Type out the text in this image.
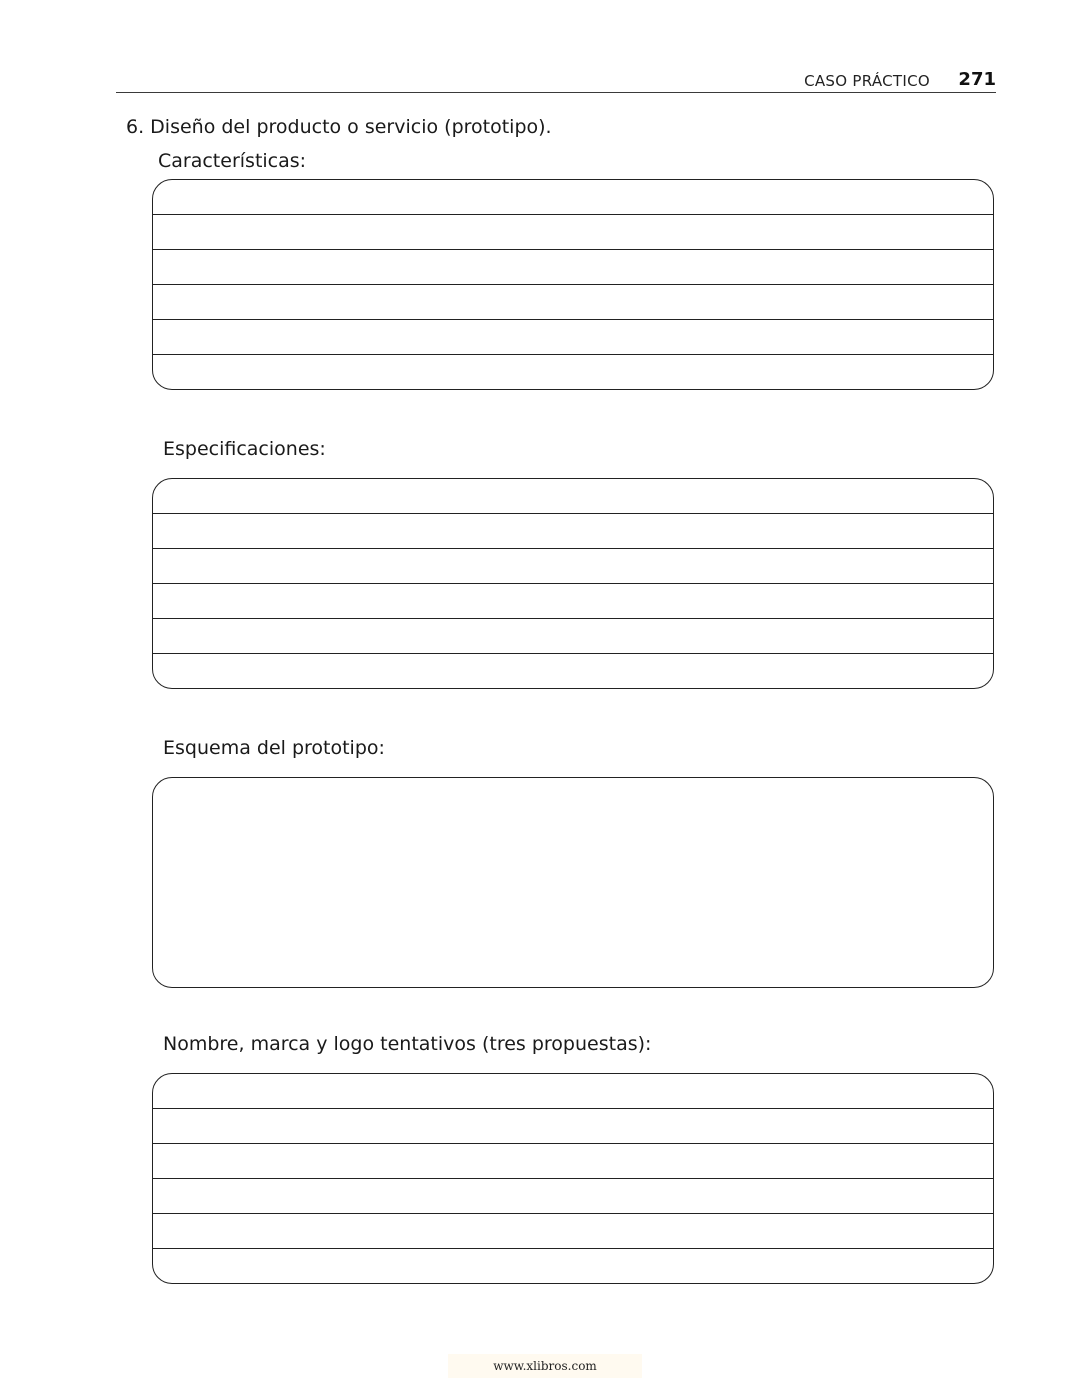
CASO PRÁCTICO 271
6. Diseño del producto o servicio (prototipo).
Características:
Especificaciones:
Esquema del prototipo:
Nombre, marca y logo tentativos (tres propuestas):
www.xlibros.com
